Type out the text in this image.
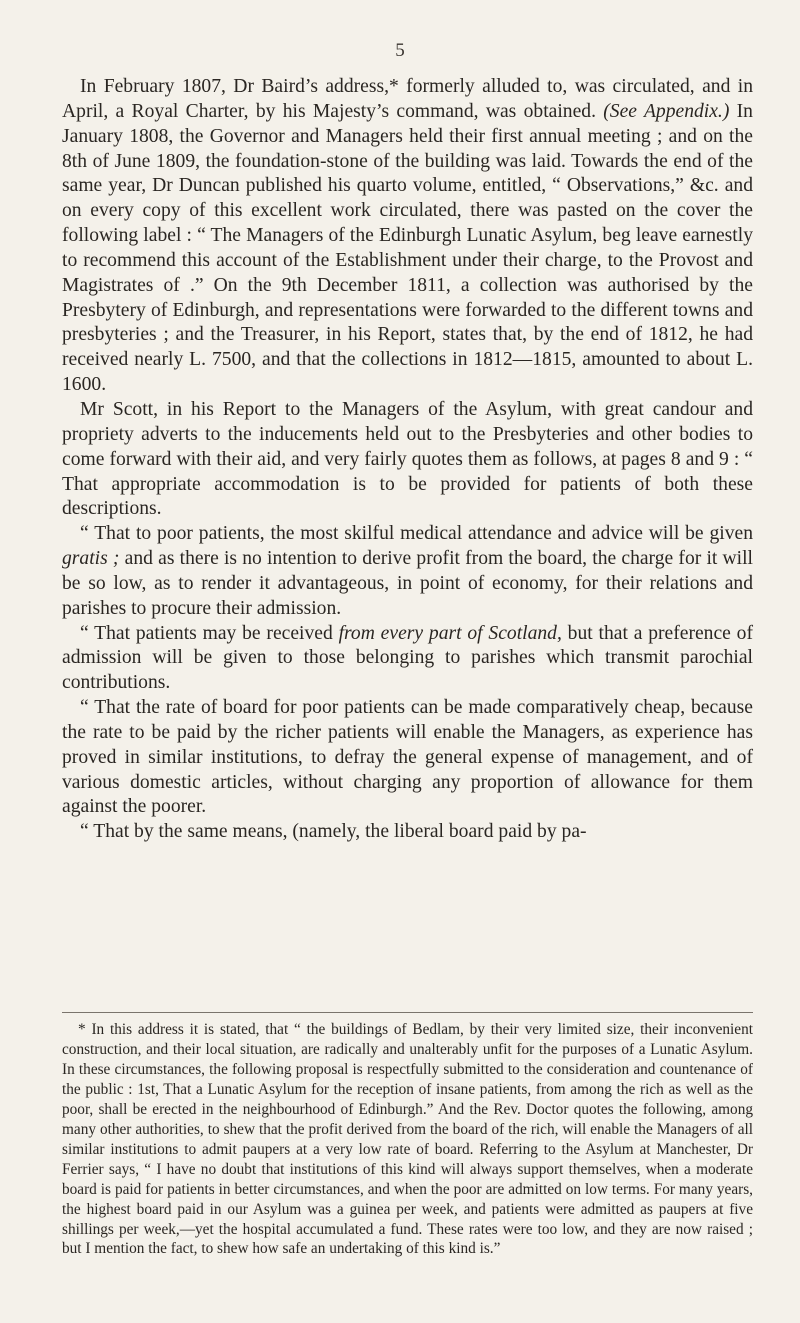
5

In February 1807, Dr Baird’s address,* formerly alluded to, was circulated, and in April, a Royal Charter, by his Majesty’s command, was obtained. (See Appendix.) In January 1808, the Governor and Managers held their first annual meeting ; and on the 8th of June 1809, the foundation-stone of the building was laid. Towards the end of the same year, Dr Duncan published his quarto volume, entitled, “ Observations,” &c. and on every copy of this excellent work circulated, there was pasted on the cover the following label : “ The Managers of the Edinburgh Lunatic Asylum, beg leave earnestly to recommend this account of the Establishment under their charge, to the Provost and Magistrates of .” On the 9th December 1811, a collection was authorised by the Presbytery of Edinburgh, and representations were forwarded to the different towns and presbyteries ; and the Treasurer, in his Report, states that, by the end of 1812, he had received nearly L. 7500, and that the collections in 1812—1815, amounted to about L. 1600.

Mr Scott, in his Report to the Managers of the Asylum, with great candour and propriety adverts to the inducements held out to the Presbyteries and other bodies to come forward with their aid, and very fairly quotes them as follows, at pages 8 and 9 : “ That appropriate accommodation is to be provided for patients of both these descriptions.

“ That to poor patients, the most skilful medical attendance and advice will be given gratis ; and as there is no intention to derive profit from the board, the charge for it will be so low, as to render it advantageous, in point of economy, for their relations and parishes to procure their admission.

“ That patients may be received from every part of Scotland, but that a preference of admission will be given to those belonging to parishes which transmit parochial contributions.

“ That the rate of board for poor patients can be made comparatively cheap, because the rate to be paid by the richer patients will enable the Managers, as experience has proved in similar institutions, to defray the general expense of management, and of various domestic articles, without charging any proportion of allowance for them against the poorer.

“ That by the same means, (namely, the liberal board paid by pa-

* In this address it is stated, that “ the buildings of Bedlam, by their very limited size, their inconvenient construction, and their local situation, are radically and unalterably unfit for the purposes of a Lunatic Asylum. In these circumstances, the following proposal is respectfully submitted to the consideration and countenance of the public : 1st, That a Lunatic Asylum for the reception of insane patients, from among the rich as well as the poor, shall be erected in the neighbourhood of Edinburgh.” And the Rev. Doctor quotes the following, among many other authorities, to shew that the profit derived from the board of the rich, will enable the Managers of all similar institutions to admit paupers at a very low rate of board. Referring to the Asylum at Manchester, Dr Ferrier says, “ I have no doubt that institutions of this kind will always support themselves, when a moderate board is paid for patients in better circumstances, and when the poor are admitted on low terms. For many years, the highest board paid in our Asylum was a guinea per week, and patients were admitted as paupers at five shillings per week,—yet the hospital accumulated a fund. These rates were too low, and they are now raised ; but I mention the fact, to shew how safe an undertaking of this kind is.”
